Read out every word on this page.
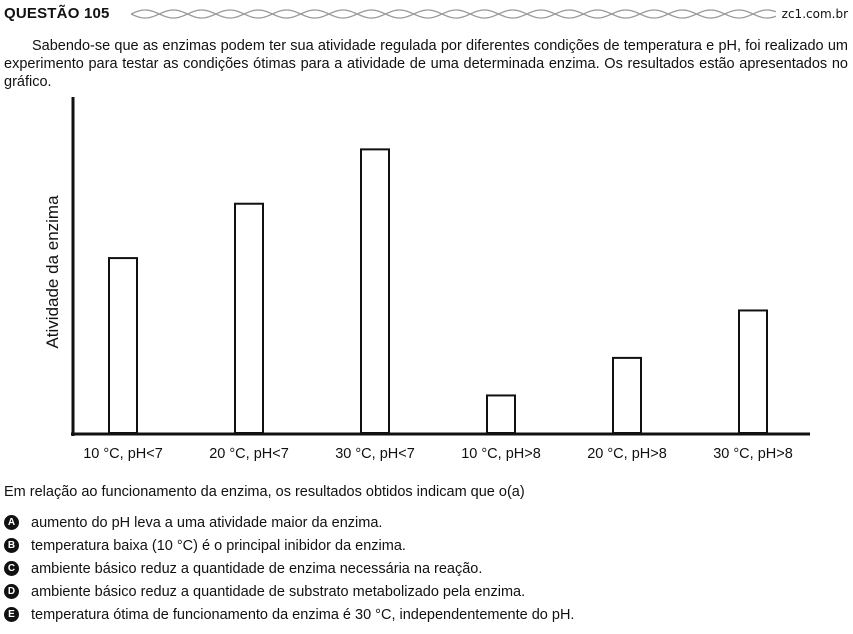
QUESTÃO 105	zc1.com.br

Sabendo-se que as enzimas podem ter sua atividade regulada por diferentes condições de temperatura e pH, foi realizado um experimento para testar as condições ótimas para a atividade de uma determinada enzima. Os resultados estão apresentados no gráfico.

Atividade da enzima
10 °C, pH<7	20 °C, pH<7	30 °C, pH<7	10 °C, pH>8	20 °C, pH>8	30 °C, pH>8
Em relação ao funcionamento da enzima, os resultados obtidos indicam que o(a)
A aumento do pH leva a uma atividade maior da enzima.
B temperatura baixa (10 °C) é o principal inibidor da enzima.
C ambiente básico reduz a quantidade de enzima necessária na reação.
D ambiente básico reduz a quantidade de substrato metabolizado pela enzima.
E temperatura ótima de funcionamento da enzima é 30 °C, independentemente do pH.
